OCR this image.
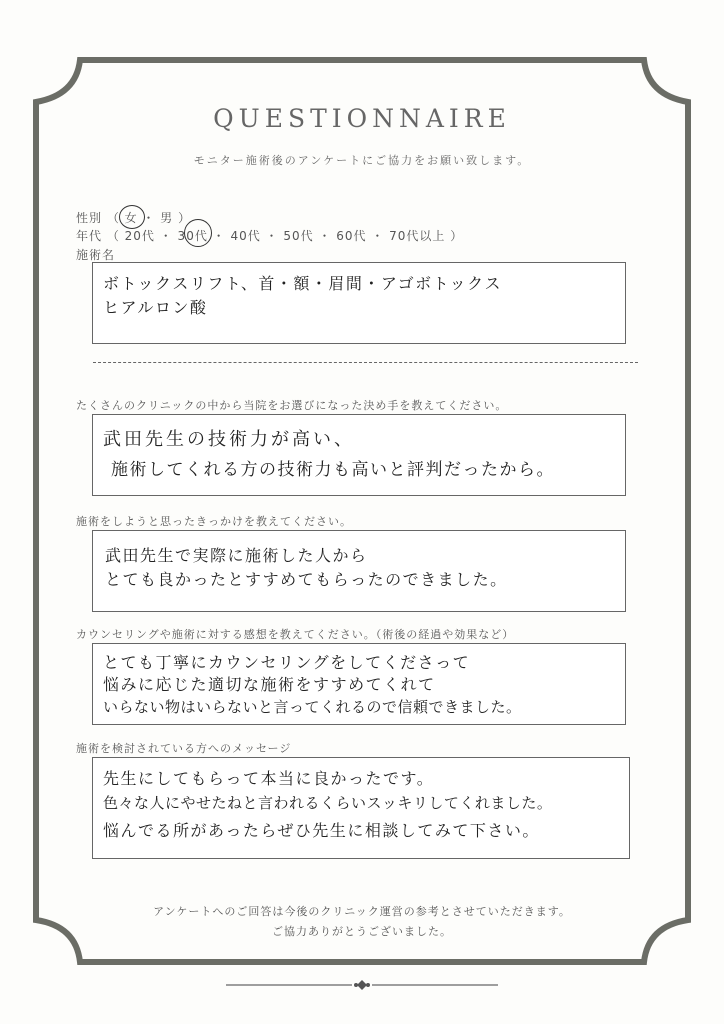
QUESTIONNAIRE
モニター施術後のアンケートにご協力をお願い致します。
性別 （ 女 ・ 男 ）
年代 （ 20代 ・ 30代 ・ 40代 ・ 50代 ・ 60代 ・ 70代以上 ）
施術名
ボトックスリフト、首・額・眉間・アゴボトックス
ヒアルロン酸
たくさんのクリニックの中から当院をお選びになった決め手を教えてください。
武田先生の技術力が高い、
施術してくれる方の技術力も高いと評判だったから。
施術をしようと思ったきっかけを教えてください。
武田先生で実際に施術した人から
とても良かったとすすめてもらったのできました。
カウンセリングや施術に対する感想を教えてください。（術後の経過や効果など）
とても丁寧にカウンセリングをしてくださって
悩みに応じた適切な施術をすすめてくれて
いらない物はいらないと言ってくれるので信頼できました。
施術を検討されている方へのメッセージ
先生にしてもらって本当に良かったです。
色々な人にやせたねと言われるくらいスッキリしてくれました。
悩んでる所があったらぜひ先生に相談してみて下さい。
アンケートへのご回答は今後のクリニック運営の参考とさせていただきます。
ご協力ありがとうございました。
